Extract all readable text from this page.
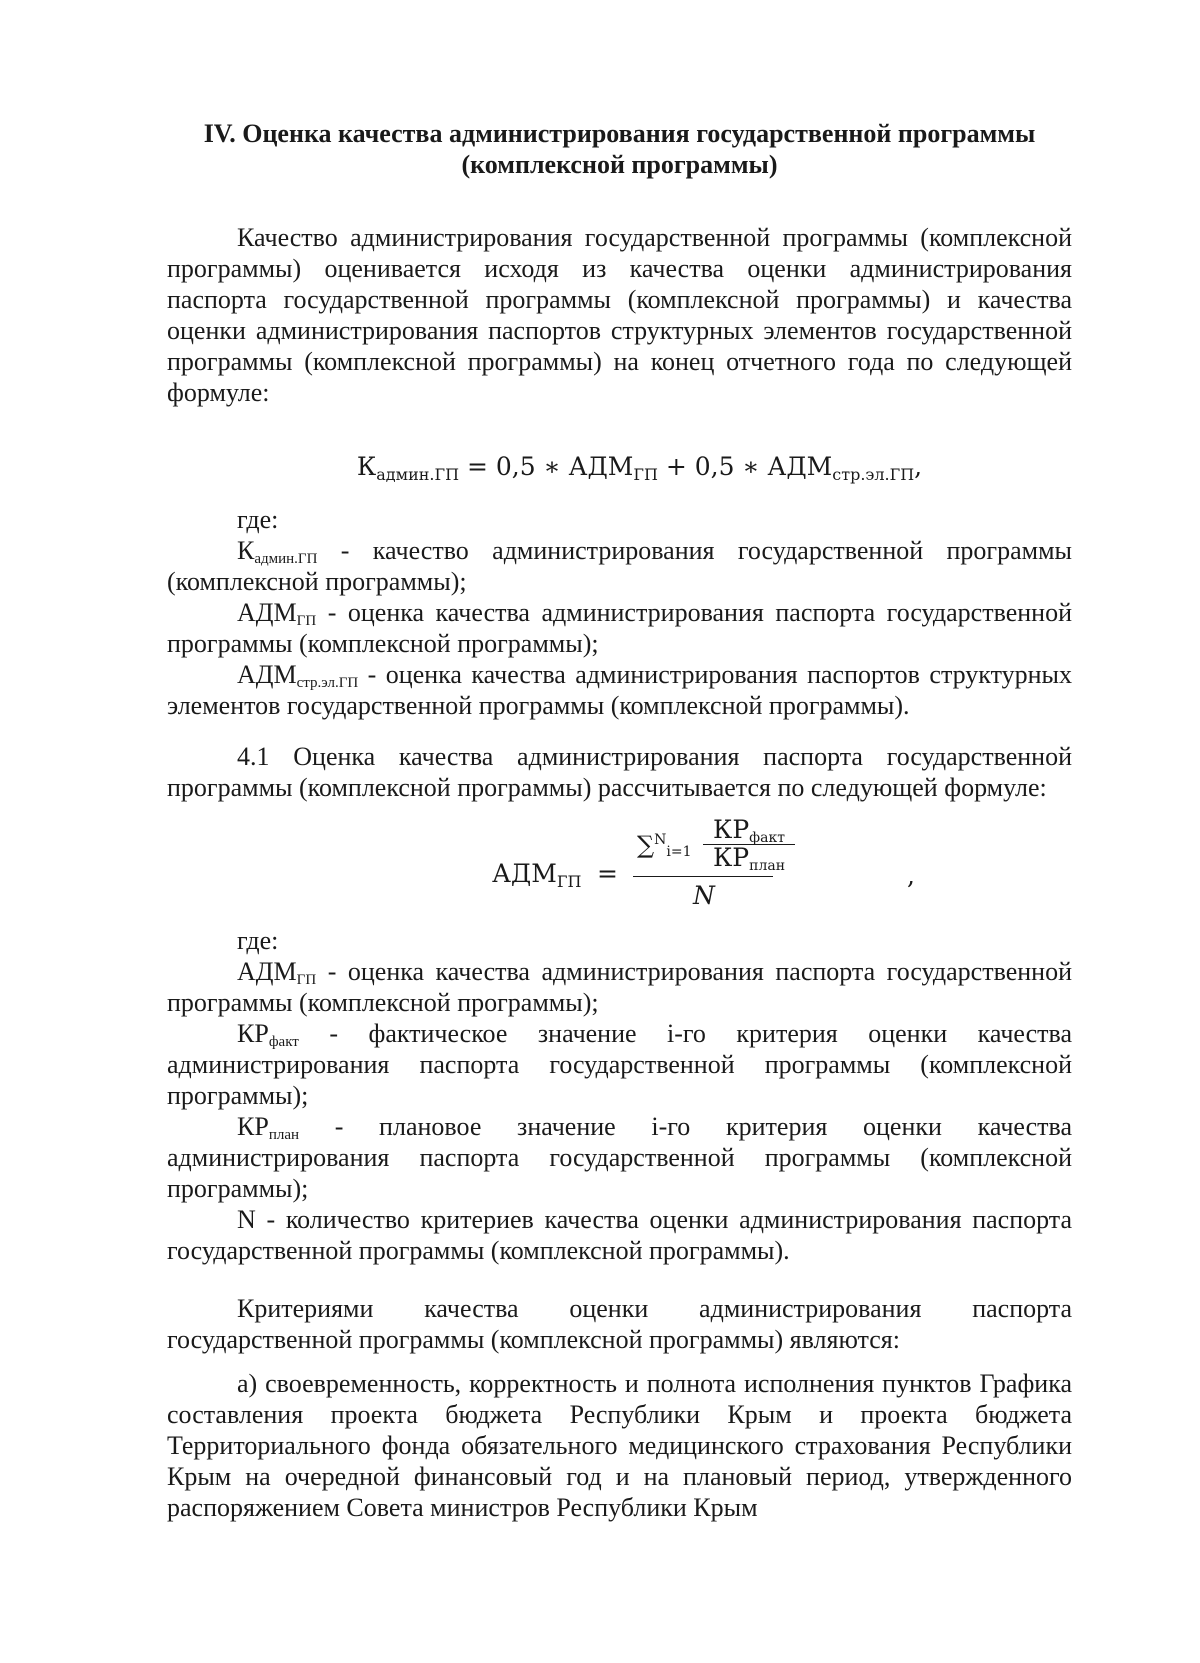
IV. Оценка качества администрирования государственной программы
(комплексной программы)

Качество администрирования государственной программы (комплексной программы) оценивается исходя из качества оценки администрирования паспорта государственной программы (комплексной программы) и качества оценки администрирования паспортов структурных элементов государственной программы (комплексной программы) на конец отчетного года по следующей формуле:

$К_{админ.ГП} = 0,5$ ∗ $АДМ_{ГП} + 0,5$ ∗ $АДМ_{стр.эл.ГП}$,

где:

$К_{админ.ГП}$ - качество администрирования государственной программы (комплексной программы);

$АДМ_{ГП}$ - оценка качества администрирования паспорта государственной программы (комплексной программы);

$АДМ_{стр.эл.ГП}$ - оценка качества администрирования паспортов структурных элементов государственной программы (комплексной программы).

4.1 Оценка качества администрирования паспорта государственной программы (комплексной программы) рассчитывается по следующей формуле:

$АДМ_{ГП}$ =
∑$^N_{i=1}$
$КР_{факт}$
$КР_{план}$
N
,

где:

$АДМ_{ГП}$ - оценка качества администрирования паспорта государственной программы (комплексной программы);

$КР_{факт}$ - фактическое значение i-го критерия оценки качества администрирования паспорта государственной программы (комплексной программы);

$КР_{план}$ - плановое значение i-го критерия оценки качества администрирования паспорта государственной программы (комплексной программы);

N - количество критериев качества оценки администрирования паспорта государственной программы (комплексной программы).

Критериями качества оценки администрирования паспорта государственной программы (комплексной программы) являются:

а) своевременность, корректность и полнота исполнения пунктов Графика составления проекта бюджета Республики Крым и проекта бюджета Территориального фонда обязательного медицинского страхования Республики Крым на очередной финансовый год и на плановый период, утвержденного распоряжением Совета министров Республики Крым
